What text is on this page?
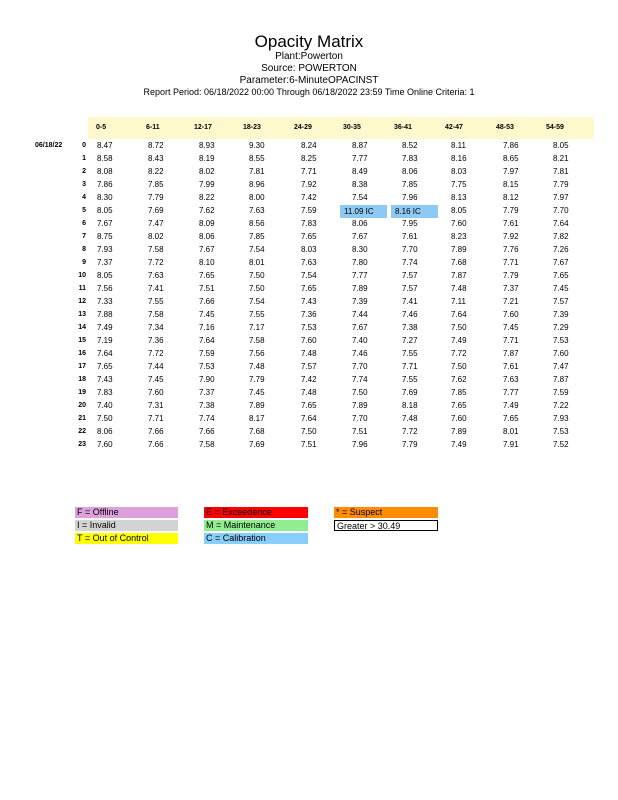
Opacity Matrix
Plant:Powerton
Source: POWERTON
Parameter:6-MinuteOPACINST
Report Period: 06/18/2022 00:00 Through 06/18/2022 23:59 Time Online Criteria: 1
0-5	6-11	12-17	18-23	24-29	30-35	36-41	42-47	48-53	54-59
06/18/22	0 8.47	8.72	8.93	9.30	8.24	8.87	8.52	8.11	7.86	8.05
1 8.58	8.43	8.19	8.55	8.25	7.77	7.83	8.16	8.65	8.21
2 8.08	8.22	8.02	7.81	7.71	8.49	8.06	8.03	7.97	7.81
3 7.86	7.85	7.99	8.96	7.92	8.38	7.85	7.75	8.15	7.79
4 8.30	7.79	8.22	8.00	7.42	7.54	7.96	8.13	8.12	7.97
5 8.05	7.69	7.62	7.63	7.59	11.09 IC	8.16 IC	8.05	7.79	7.70
6 7.67	7.47	8.09	8.56	7.83	8.06	7.95	7.60	7.61	7.64
7 8.75	8.02	8.06	7.85	7.65	7.67	7.61	8.23	7.92	7.82
8 7.93	7.58	7.67	7.54	8.03	8.30	7.70	7.89	7.76	7.26
9 7.37	7.72	8.10	8.01	7.63	7.80	7.74	7.68	7.71	7.67
10 8.05	7.63	7.65	7.50	7.54	7.77	7.57	7.87	7.79	7.65
11 7.56	7.41	7.51	7.50	7.65	7.89	7.57	7.48	7.37	7.45
12 7.33	7.55	7.66	7.54	7.43	7.39	7.41	7.11	7.21	7.57
13 7.88	7.58	7.45	7.55	7.36	7.44	7.46	7.64	7.60	7.39
14 7.49	7.34	7.16	7.17	7.53	7.67	7.38	7.50	7.45	7.29
15 7.19	7.36	7.64	7.58	7.60	7.40	7.27	7.49	7.71	7.53
16 7.64	7.72	7.59	7.56	7.48	7.46	7.55	7.72	7.87	7.60
17 7.65	7.44	7.53	7.48	7.57	7.70	7.71	7.50	7.61	7.47
18 7.43	7.45	7.90	7.79	7.42	7.74	7.55	7.62	7.63	7.87
19 7.83	7.60	7.37	7.45	7.48	7.50	7.69	7.85	7.77	7.59
20 7.40	7.31	7.38	7.89	7.65	7.89	8.18	7.65	7.49	7.22
21 7.50	7.71	7.74	8.17	7.64	7.70	7.48	7.60	7.65	7.93
22 8.06	7.66	7.66	7.68	7.50	7.51	7.72	7.89	8.01	7.53
23 7.60	7.66	7.58	7.69	7.51	7.96	7.79	7.49	7.91	7.52
F = Offline	E = Exceedence	* = Suspect
I = Invalid	M = Maintenance	Greater > 30.49
T = Out of Control	C = Calibration
